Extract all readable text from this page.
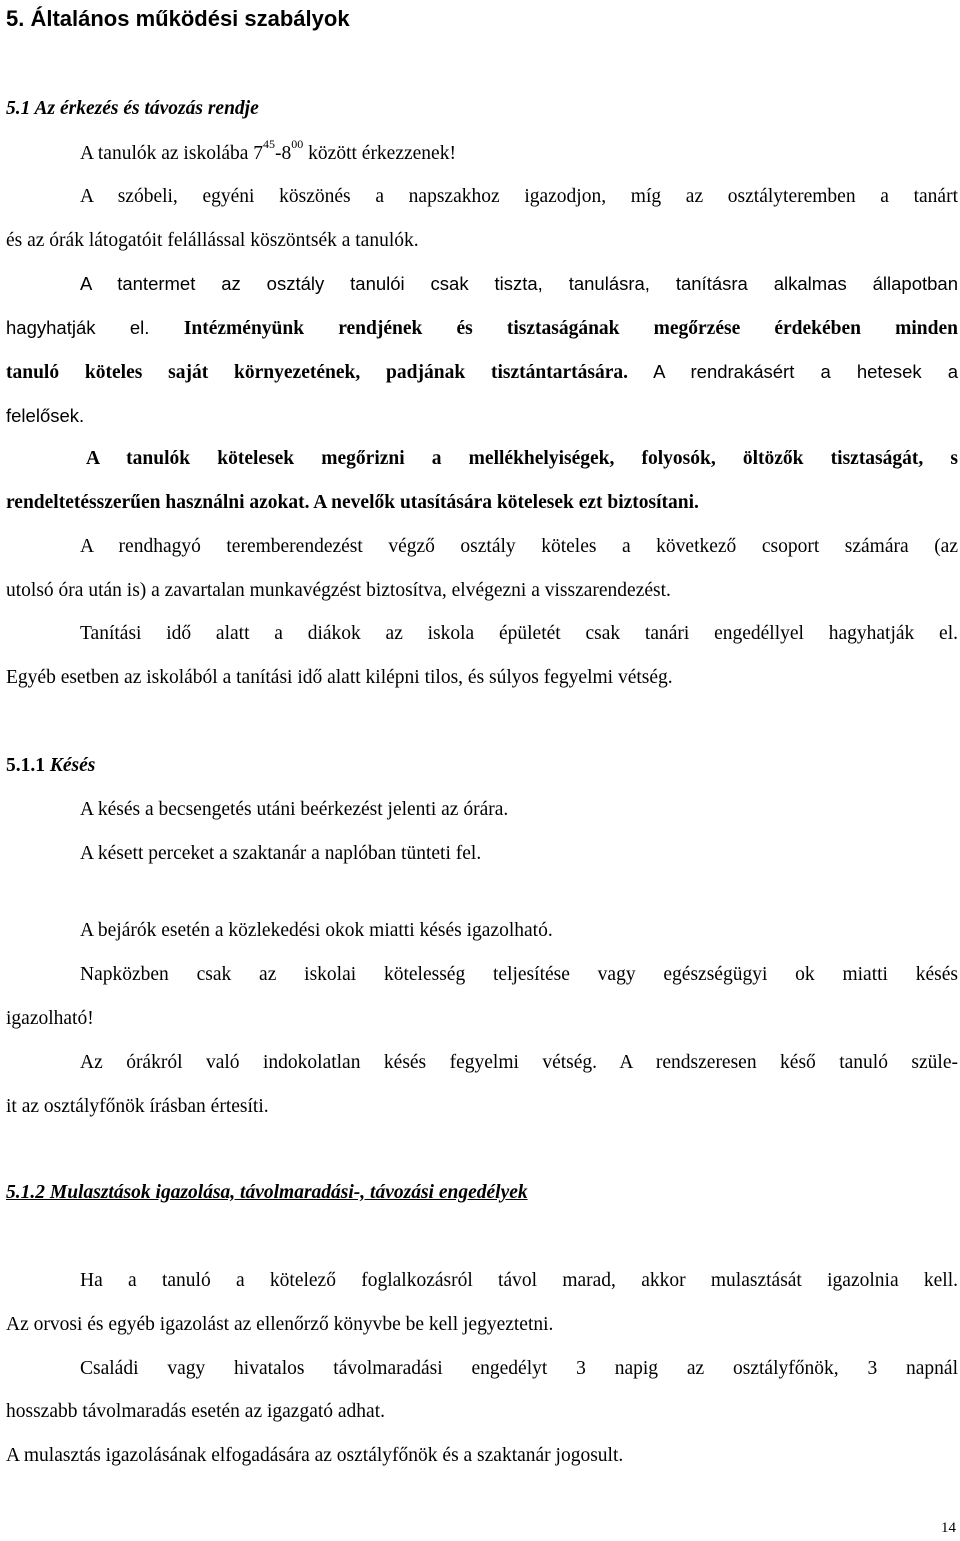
5. Általános működési szabályok
5.1 Az érkezés és távozás rendje
A tanulók az iskolába $7^{45}-8^{00}$ között érkezzenek!
A szóbeli, egyéni köszönés a napszakhoz igazodjon, míg az osztályteremben a tanárt
és az órák látogatóit felállással köszöntsék a tanulók.
A tantermet az osztály tanulói csak tiszta, tanulásra, tanításra alkalmas állapotban
hagyhatják el. Intézményünk rendjének és tisztaságának megőrzése érdekében minden
tanuló köteles saját környezetének, padjának tisztántartására. A rendrakásért a hetesek a
felelősek.
A tanulók kötelesek megőrizni a mellékhelyiségek, folyosók, öltözők tisztaságát, s
rendeltetésszerűen használni azokat. A nevelők utasítására kötelesek ezt biztosítani.
A rendhagyó teremberendezést végző osztály köteles a következő csoport számára (az
utolsó óra után is) a zavartalan munkavégzést biztosítva, elvégezni a visszarendezést.
Tanítási idő alatt a diákok az iskola épületét csak tanári engedéllyel hagyhatják el.
Egyéb esetben az iskolából a tanítási idő alatt kilépni tilos, és súlyos fegyelmi vétség.
5.1.1 Késés
A késés a becsengetés utáni beérkezést jelenti az órára.
A késett perceket a szaktanár a naplóban tünteti fel.
A bejárók esetén a közlekedési okok miatti késés igazolható.
Napközben csak az iskolai kötelesség teljesítése vagy egészségügyi ok miatti késés
igazolható!
Az órákról való indokolatlan késés fegyelmi vétség. A rendszeresen késő tanuló szüle-
it az osztályfőnök írásban értesíti.
5.1.2 Mulasztások igazolása, távolmaradási-, távozási engedélyek
Ha a tanuló a kötelező foglalkozásról távol marad, akkor mulasztását igazolnia kell.
Az orvosi és egyéb igazolást az ellenőrző könyvbe be kell jegyeztetni.
Családi vagy hivatalos távolmaradási engedélyt 3 napig az osztályfőnök, 3 napnál
hosszabb távolmaradás esetén az igazgató adhat.
A mulasztás igazolásának elfogadására az osztályfőnök és a szaktanár jogosult.
14
